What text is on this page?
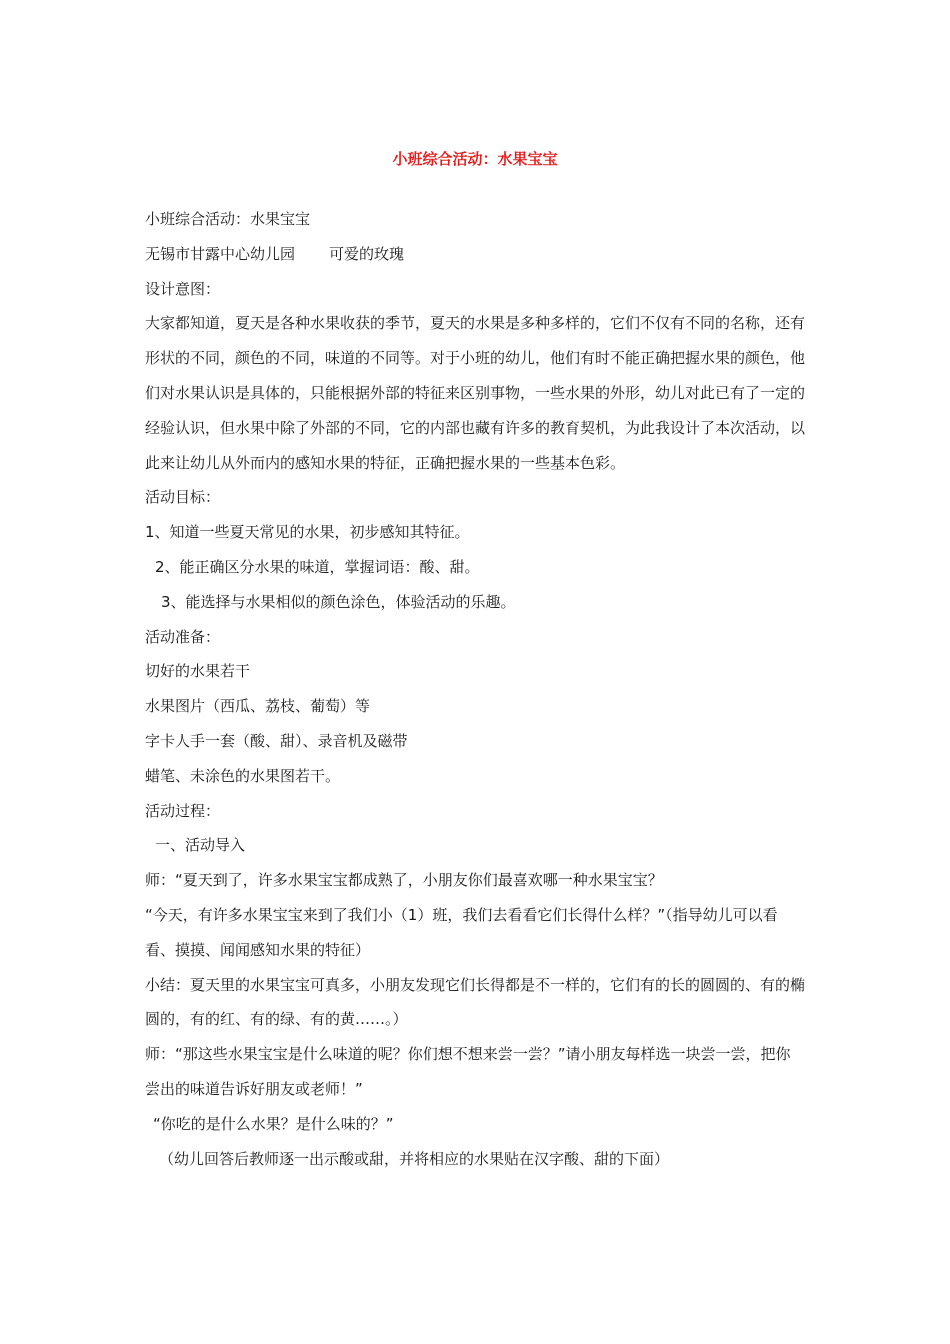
小班综合活动：水果宝宝

小班综合活动：水果宝宝

无锡市甘露中心幼儿园 可爱的玫瑰

设计意图：

大家都知道，夏天是各种水果收获的季节，夏天的水果是多种多样的，它们不仅有不同的名称，还有形状的不同，颜色的不同，味道的不同等。对于小班的幼儿，他们有时不能正确把握水果的颜色，他们对水果认识是具体的，只能根据外部的特征来区别事物，一些水果的外形，幼儿对此已有了一定的经验认识，但水果中除了外部的不同，它的内部也藏有许多的教育契机，为此我设计了本次活动，以此来让幼儿从外而内的感知水果的特征，正确把握水果的一些基本色彩。

活动目标：

1、知道一些夏天常见的水果，初步感知其特征。

2、能正确区分水果的味道，掌握词语：酸、甜。

3、能选择与水果相似的颜色涂色，体验活动的乐趣。

活动准备：

切好的水果若干

水果图片（西瓜、荔枝、葡萄）等

字卡人手一套（酸、甜）、录音机及磁带

蜡笔、未涂色的水果图若干。

活动过程：

一、活动导入

师：“夏天到了，许多水果宝宝都成熟了，小朋友你们最喜欢哪一种水果宝宝？

“今天，有许多水果宝宝来到了我们小（1）班，我们去看看它们长得什么样？”（指导幼儿可以看看、摸摸、闻闻感知水果的特征）

小结：夏天里的水果宝宝可真多，小朋友发现它们长得都是不一样的，它们有的长的圆圆的、有的椭圆的，有的红、有的绿、有的黄……。）

师：“那这些水果宝宝是什么味道的呢？你们想不想来尝一尝？”请小朋友每样选一块尝一尝，把你尝出的味道告诉好朋友或老师！”

“你吃的是什么水果？是什么味的？”

（幼儿回答后教师逐一出示酸或甜，并将相应的水果贴在汉字酸、甜的下面）
